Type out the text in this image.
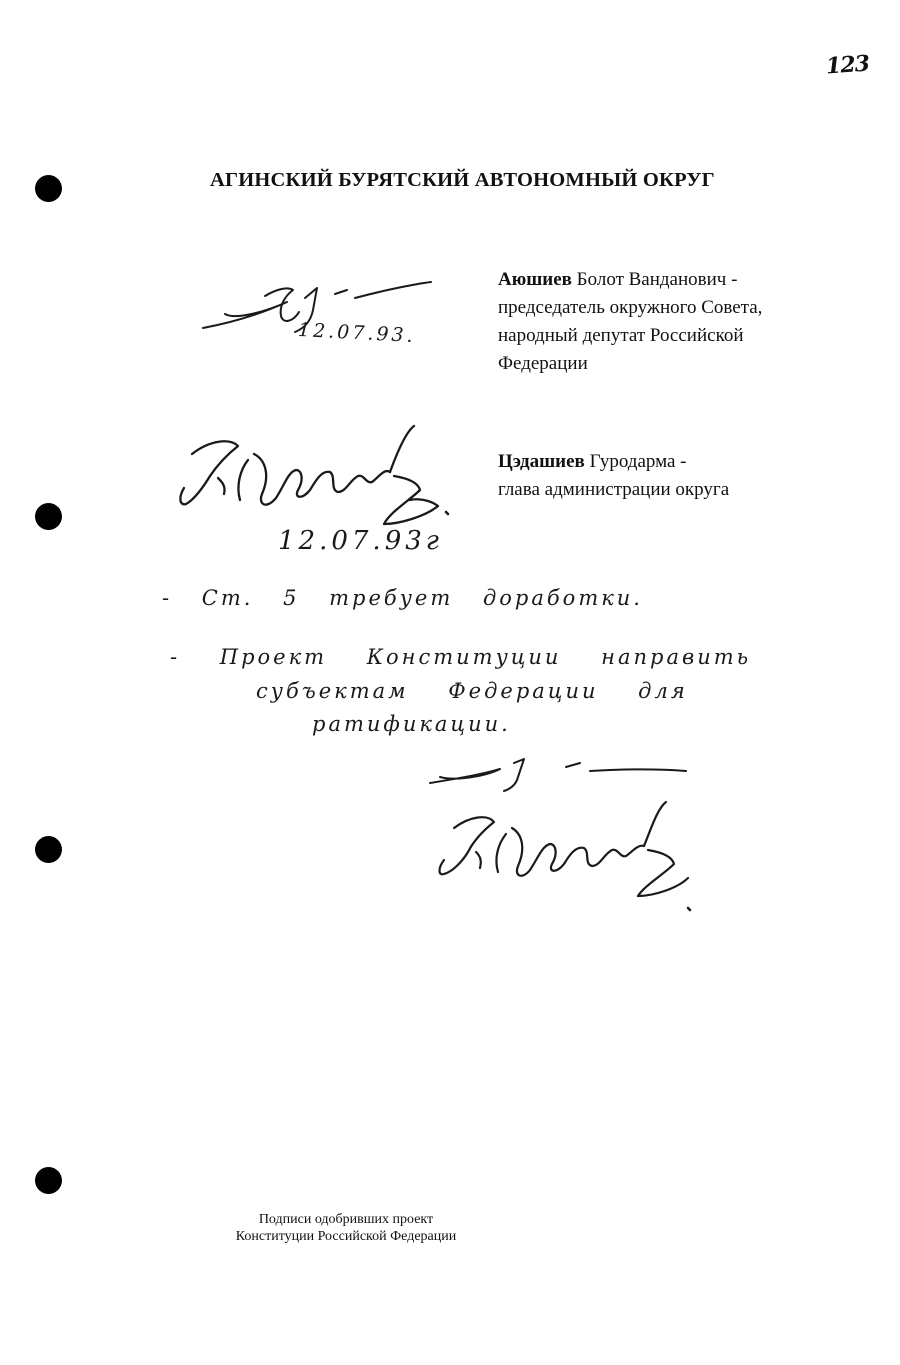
123
АГИНСКИЙ БУРЯТСКИЙ АВТОНОМНЫЙ ОКРУГ
12.07.93.
Аюшиев Болот Ванданович -
председатель окружного Совета,
народный депутат Российской
Федерации
12.07.93г
Цэдашиев Гуродарма -
глава администрации округа
- Ст. 5 требует доработки.
- Проект Конституции направить
субъектам Федерации для
ратификации.
Подписи одобривших проект
Конституции Российской Федерации
